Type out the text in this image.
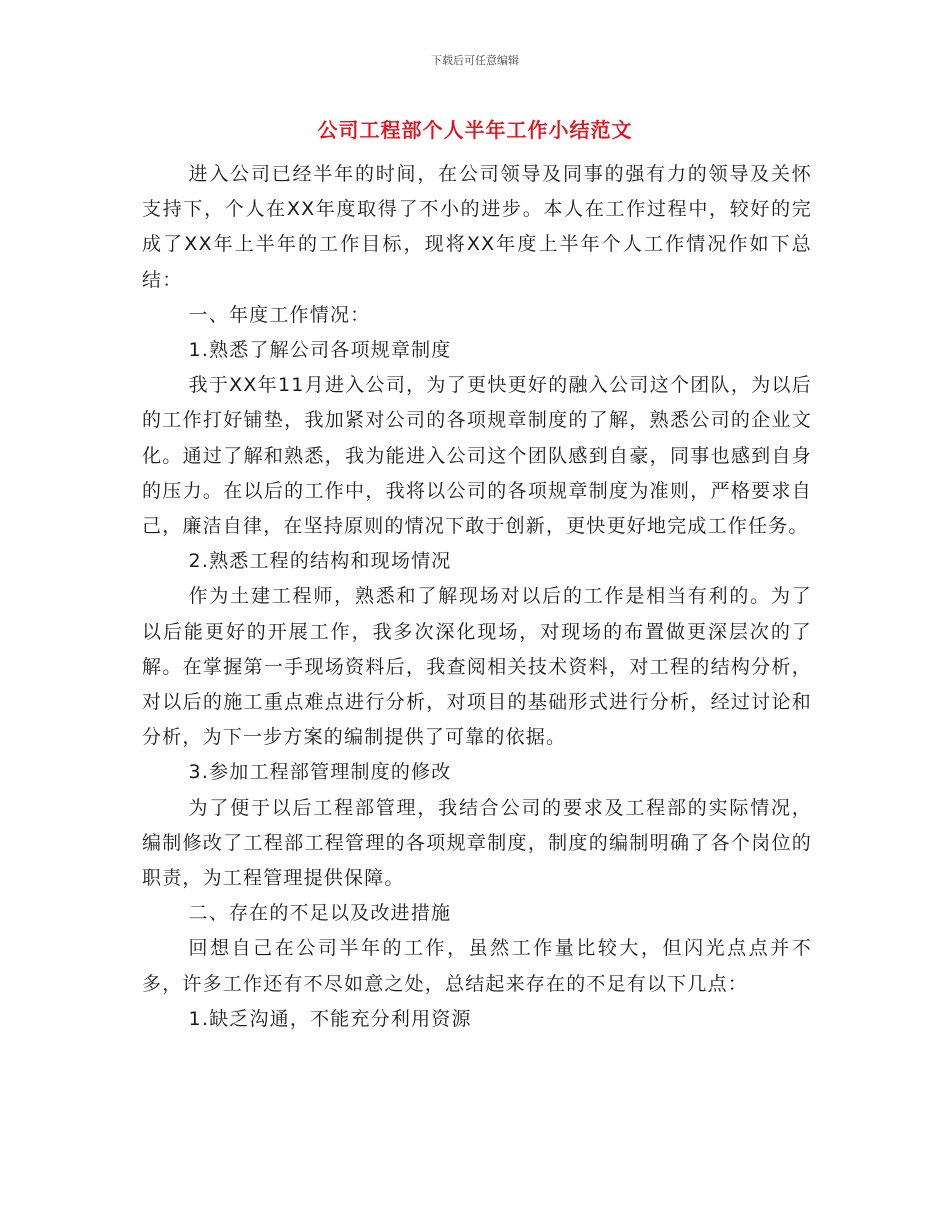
下载后可任意编辑
公司工程部个人半年工作小结范文

进入公司已经半年的时间，在公司领导及同事的强有力的领导及关怀支持下，个人在XX年度取得了不小的进步。本人在工作过程中，较好的完成了XX年上半年的工作目标，现将XX年度上半年个人工作情况作如下总结：

一、年度工作情况：

1.熟悉了解公司各项规章制度

我于XX年11月进入公司，为了更快更好的融入公司这个团队，为以后的工作打好铺垫，我加紧对公司的各项规章制度的了解，熟悉公司的企业文化。通过了解和熟悉，我为能进入公司这个团队感到自豪，同事也感到自身的压力。在以后的工作中，我将以公司的各项规章制度为准则，严格要求自己，廉洁自律，在坚持原则的情况下敢于创新，更快更好地完成工作任务。

2.熟悉工程的结构和现场情况

作为土建工程师，熟悉和了解现场对以后的工作是相当有利的。为了以后能更好的开展工作，我多次深化现场，对现场的布置做更深层次的了解。在掌握第一手现场资料后，我查阅相关技术资料，对工程的结构分析，对以后的施工重点难点进行分析，对项目的基础形式进行分析，经过讨论和分析，为下一步方案的编制提供了可靠的依据。

3.参加工程部管理制度的修改

为了便于以后工程部管理，我结合公司的要求及工程部的实际情况，编制修改了工程部工程管理的各项规章制度，制度的编制明确了各个岗位的职责，为工程管理提供保障。

二、存在的不足以及改进措施

回想自己在公司半年的工作，虽然工作量比较大，但闪光点点并不多，许多工作还有不尽如意之处，总结起来存在的不足有以下几点：

1.缺乏沟通，不能充分利用资源
